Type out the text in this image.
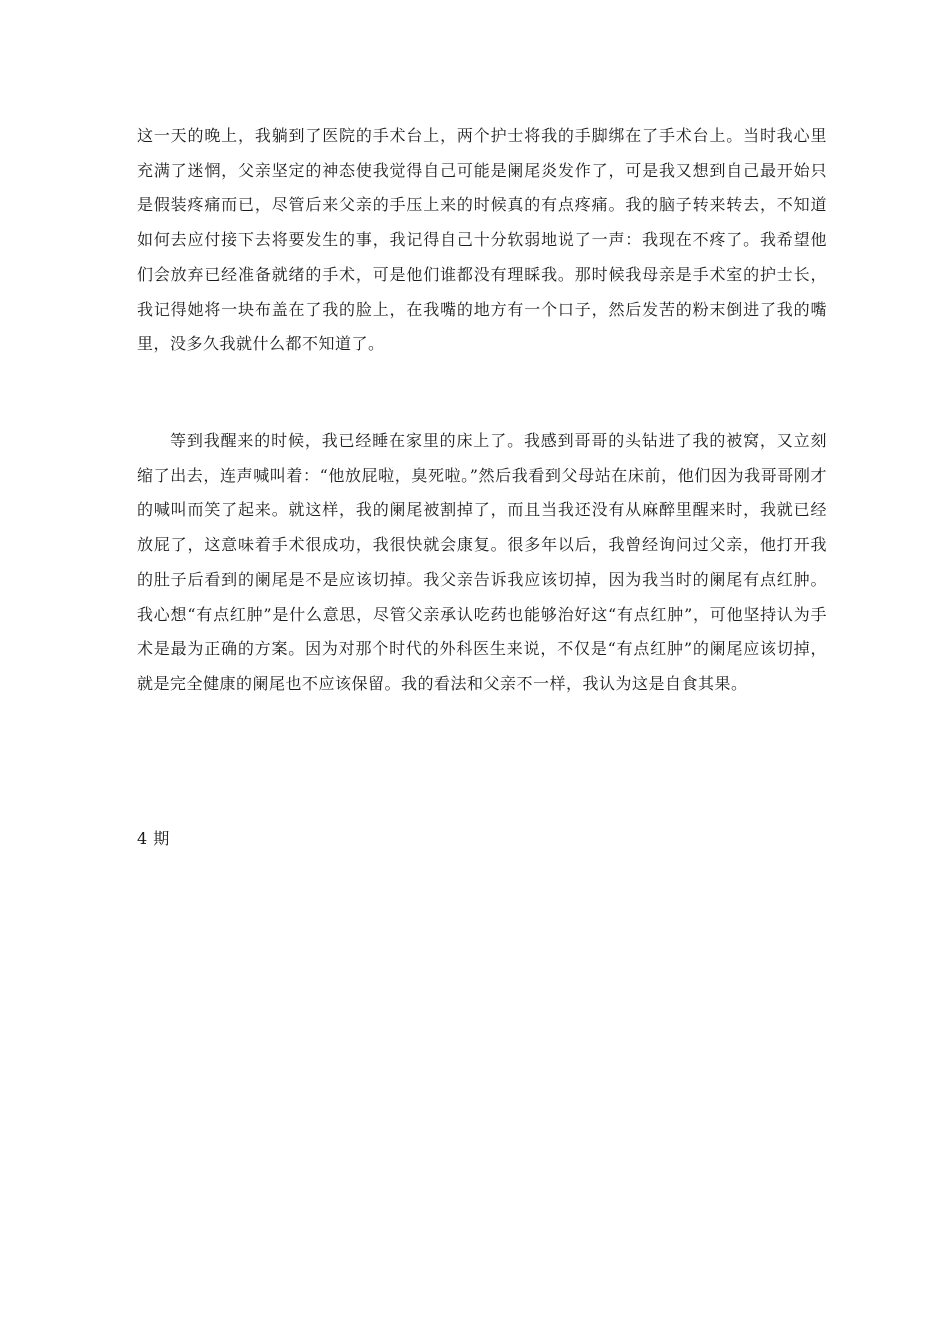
这一天的晚上，我躺到了医院的手术台上，两个护士将我的手脚绑在了手术台上。当时我心里充满了迷惘，父亲坚定的神态使我觉得自己可能是阑尾炎发作了，可是我又想到自己最开始只是假装疼痛而已，尽管后来父亲的手压上来的时候真的有点疼痛。我的脑子转来转去，不知道如何去应付接下去将要发生的事，我记得自己十分软弱地说了一声：我现在不疼了。我希望他们会放弃已经准备就绪的手术，可是他们谁都没有理睬我。那时候我母亲是手术室的护士长，我记得她将一块布盖在了我的脸上，在我嘴的地方有一个口子，然后发苦的粉末倒进了我的嘴里，没多久我就什么都不知道了。

等到我醒来的时候，我已经睡在家里的床上了。我感到哥哥的头钻进了我的被窝，又立刻缩了出去，连声喊叫着：“他放屁啦，臭死啦。”然后我看到父母站在床前，他们因为我哥哥刚才的喊叫而笑了起来。就这样，我的阑尾被割掉了，而且当我还没有从麻醉里醒来时，我就已经放屁了，这意味着手术很成功，我很快就会康复。很多年以后，我曾经询问过父亲，他打开我的肚子后看到的阑尾是不是应该切掉。我父亲告诉我应该切掉，因为我当时的阑尾有点红肿。我心想“有点红肿”是什么意思，尽管父亲承认吃药也能够治好这“有点红肿”，可他坚持认为手术是最为正确的方案。因为对那个时代的外科医生来说，不仅是“有点红肿”的阑尾应该切掉，就是完全健康的阑尾也不应该保留。我的看法和父亲不一样，我认为这是自食其果。

4 期
